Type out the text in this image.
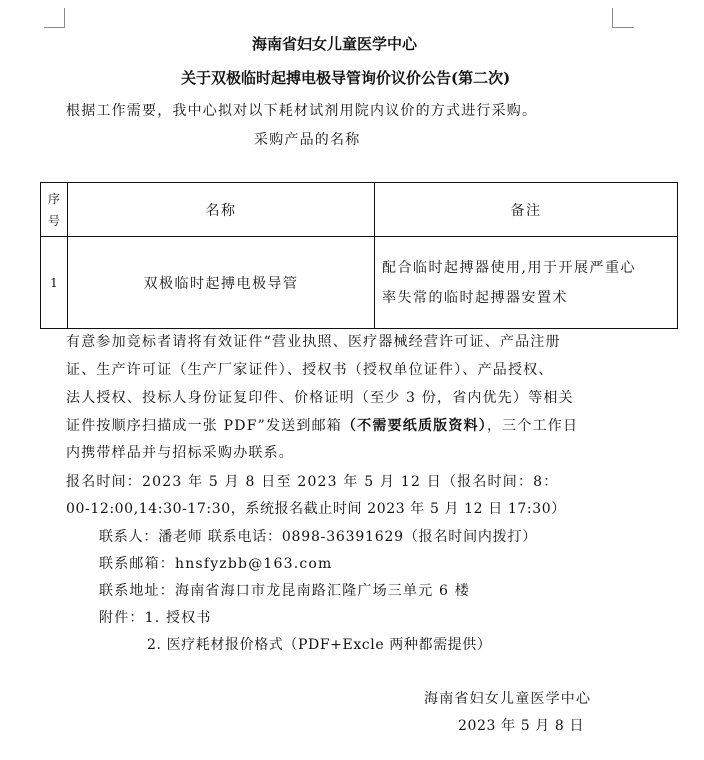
海南省妇女儿童医学中心
关于双极临时起搏电极导管询价议价公告(第二次)
根据工作需要，我中心拟对以下耗材试剂用院内议价的方式进行采购。
采购产品的名称
序
号	名称	备注
1	双极临时起搏电极导管	配合临时起搏器使用,用于开展严重心
率失常的临时起搏器安置术
有意参加竞标者请将有效证件“营业执照、医疗器械经营许可证、产品注册
证、生产许可证（生产厂家证件）、授权书（授权单位证件）、产品授权、
法人授权、投标人身份证复印件、价格证明（至少 3 份，省内优先）等相关
证件按顺序扫描成一张 PDF”发送到邮箱（不需要纸质版资料），三个工作日
内携带样品并与招标采购办联系。
报名时间：2023 年 5 月 8 日至 2023 年 5 月 12 日（报名时间：8：
00-12:00,14:30-17:30，系统报名截止时间 2023 年 5 月 12 日 17:30）
联系人：潘老师 联系电话：0898-36391629（报名时间内拨打）
联系邮箱：hnsfyzbb@163.com
联系地址：海南省海口市龙昆南路汇隆广场三单元 6 楼
附件：1. 授权书
2. 医疗耗材报价格式（PDF+Excle 两种都需提供）
海南省妇女儿童医学中心
2023 年 5 月 8 日
